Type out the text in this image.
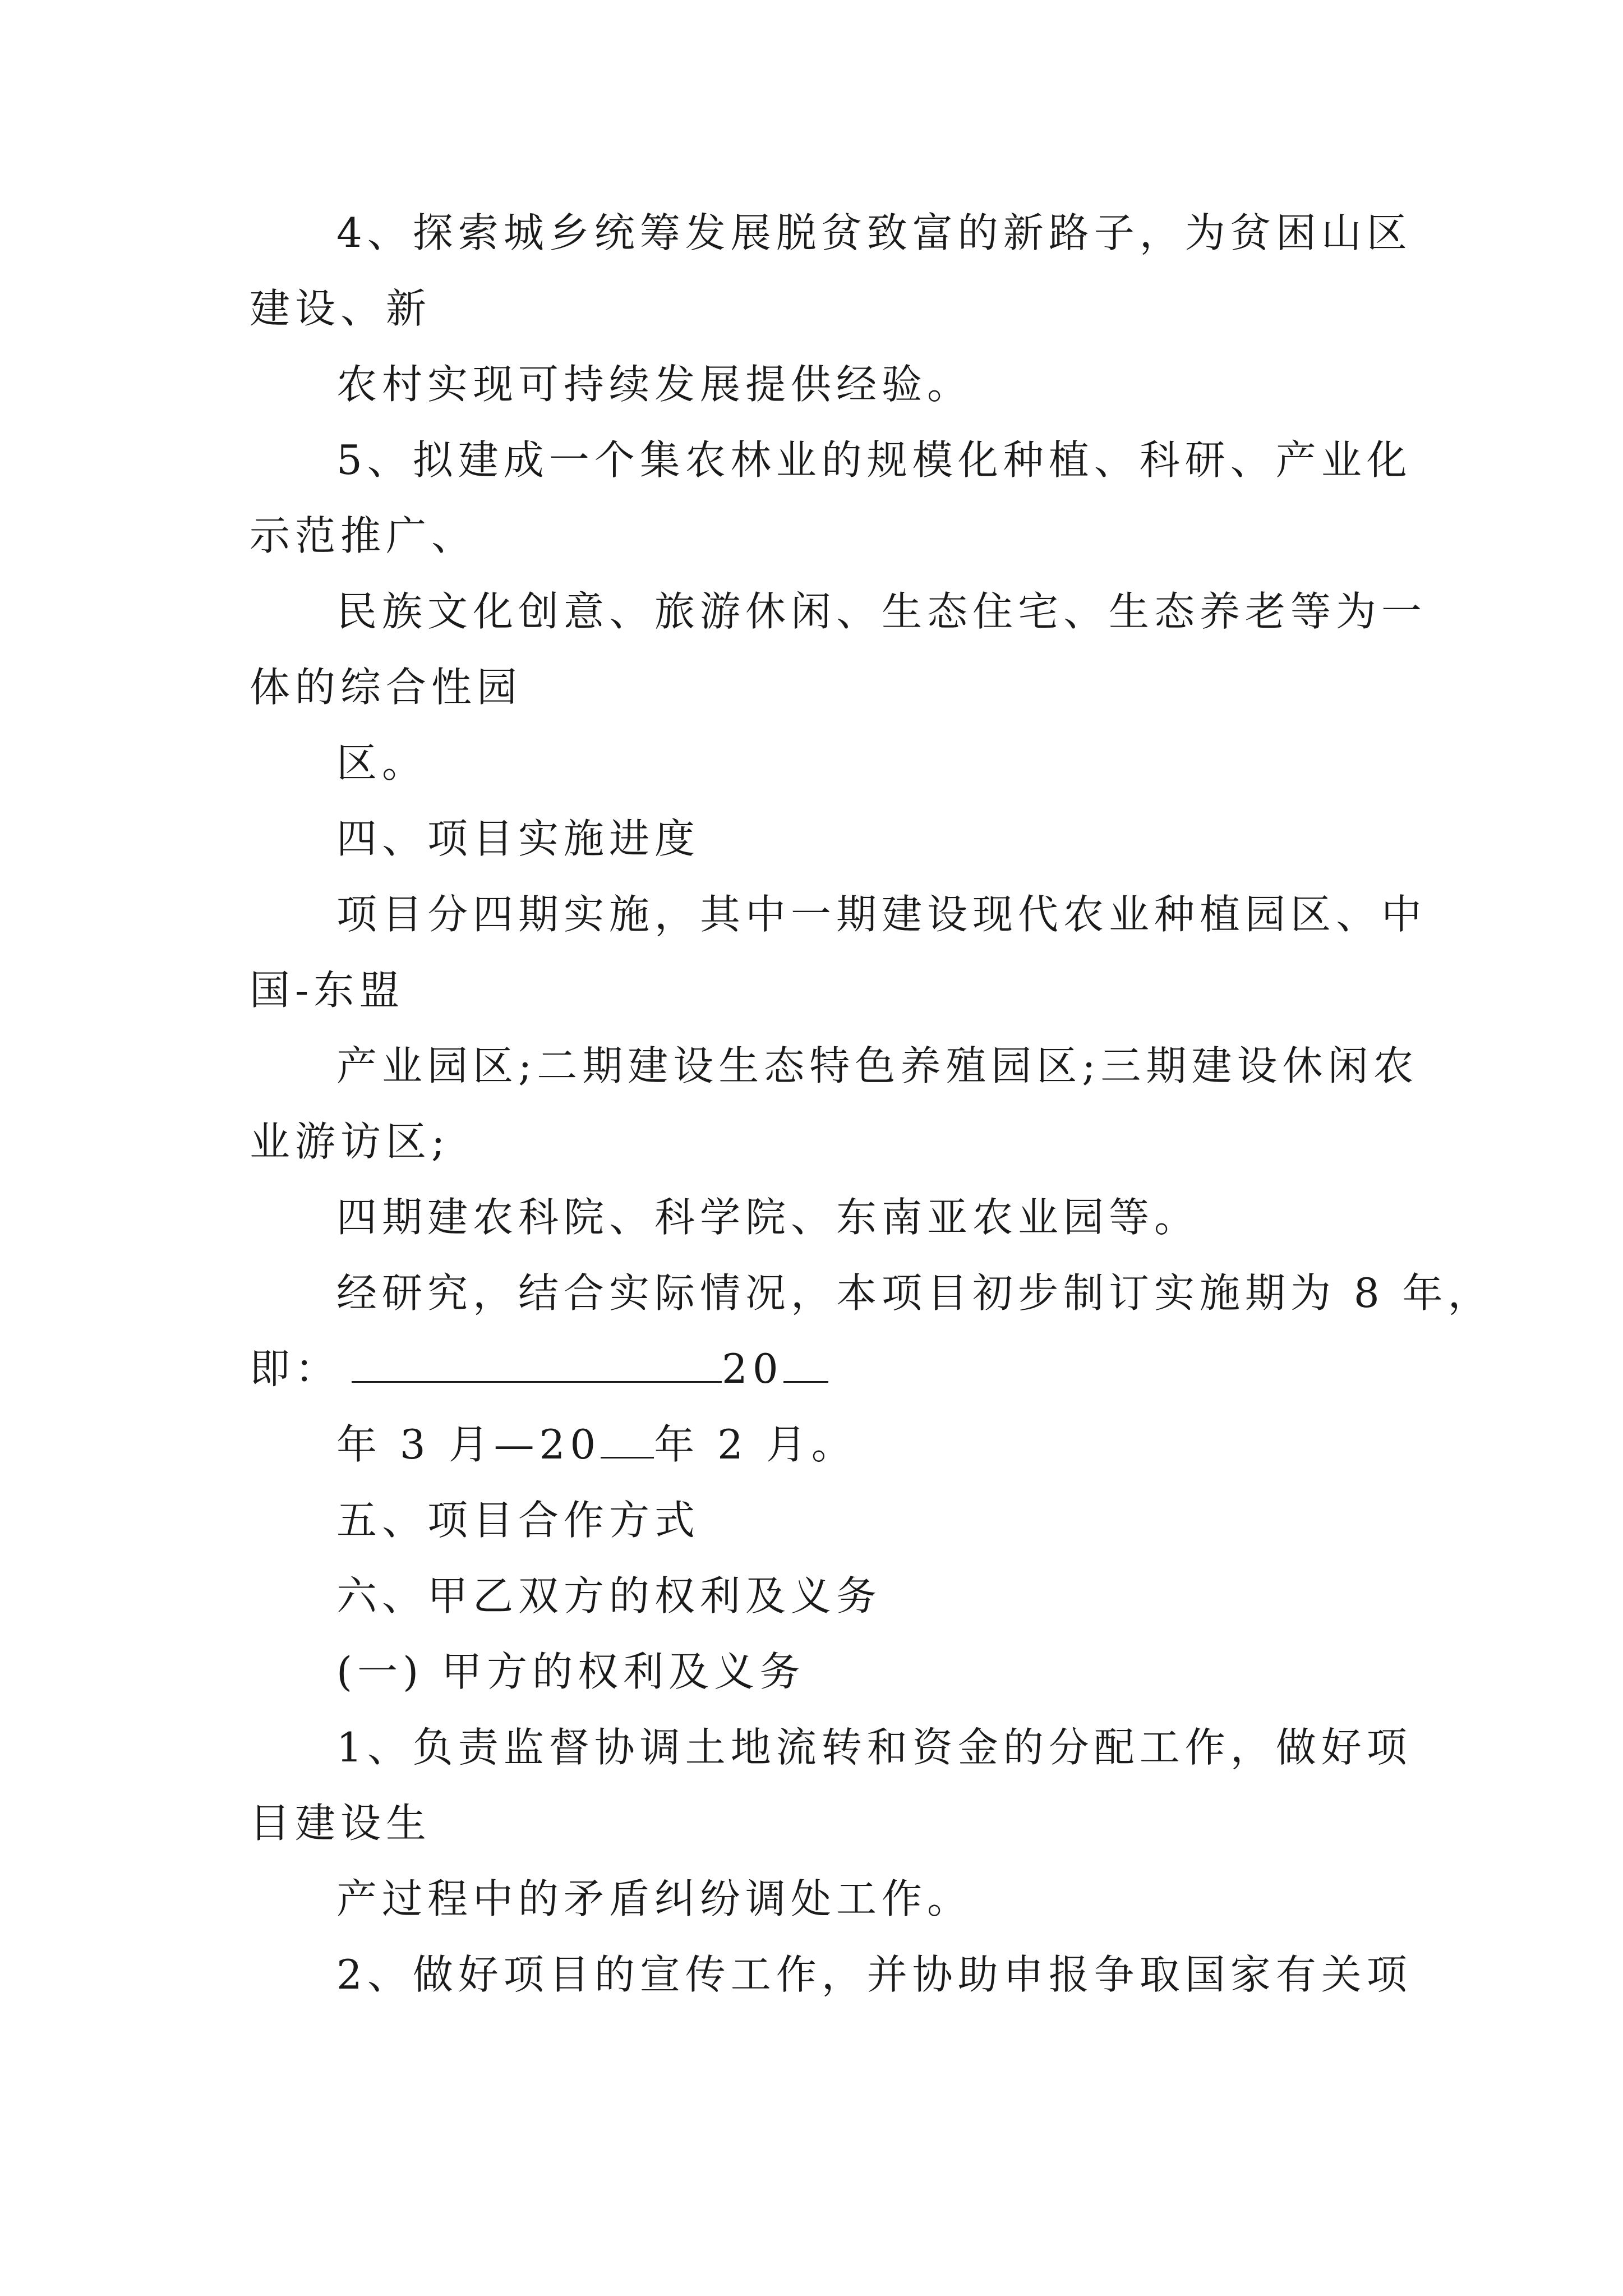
4、探索城乡统筹发展脱贫致富的新路子，为贫困山区
建设、新
农村实现可持续发展提供经验。
5、拟建成一个集农林业的规模化种植、科研、产业化
示范推广、
民族文化创意、旅游休闲、生态住宅、生态养老等为一
体的综合性园
区。
四、项目实施进度
项目分四期实施，其中一期建设现代农业种植园区、中
国-东盟
产业园区;二期建设生态特色养殖园区;三期建设休闲农
业游访区;
四期建农科院、科学院、东南亚农业园等。
经研究，结合实际情况，本项目初步制订实施期为 8 年，
即：	20
年 3 月—20 年 2 月。
五、项目合作方式
六、甲乙双方的权利及义务
(一) 甲方的权利及义务
1、负责监督协调土地流转和资金的分配工作，做好项
目建设生
产过程中的矛盾纠纷调处工作。
2、做好项目的宣传工作，并协助申报争取国家有关项
